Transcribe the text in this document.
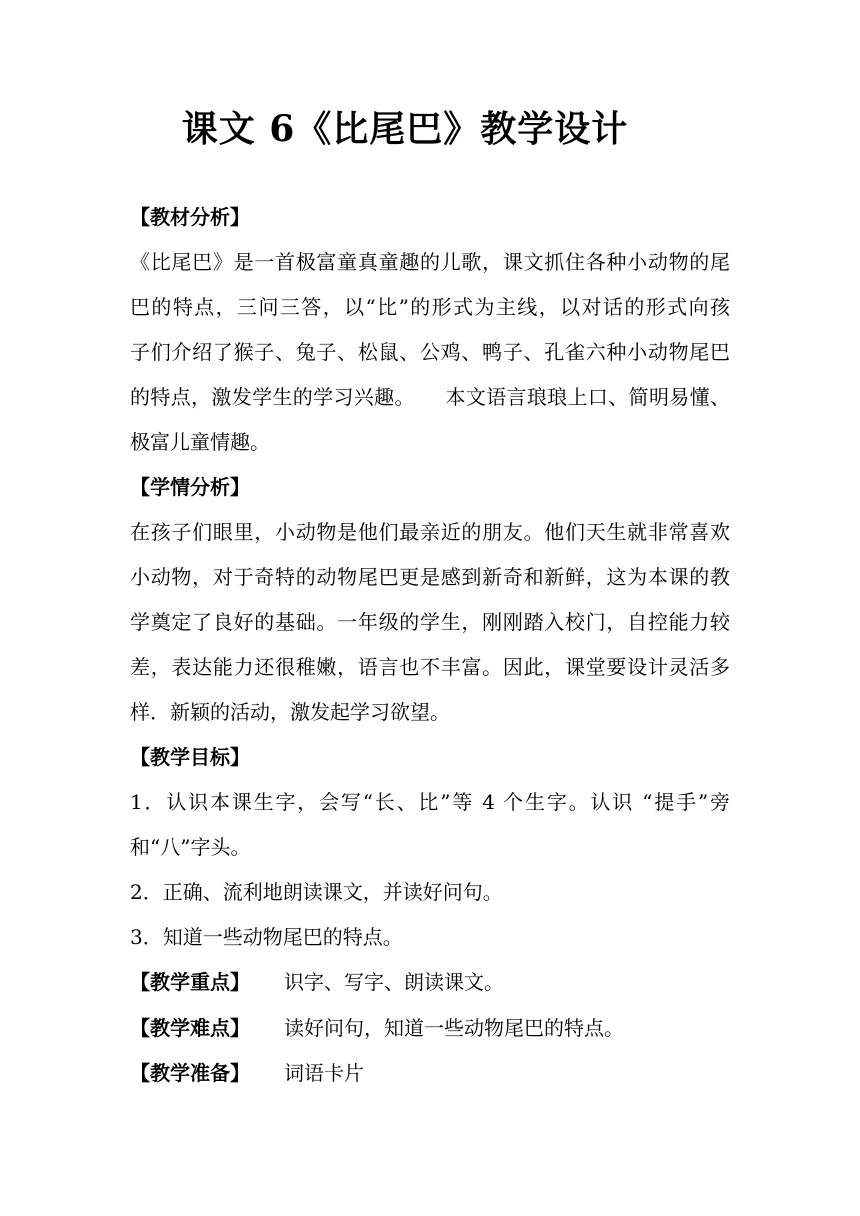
课文 6《比尾巴》教学设计
【教材分析】
《比尾巴》是一首极富童真童趣的儿歌，课文抓住各种小动物的尾
巴的特点，三问三答，以“比”的形式为主线，以对话的形式向孩
子们介绍了猴子、兔子、松鼠、公鸡、鸭子、孔雀六种小动物尾巴
的特点，激发学生的学习兴趣。　　本文语言琅琅上口、简明易懂、
极富儿童情趣。
【学情分析】
在孩子们眼里，小动物是他们最亲近的朋友。他们天生就非常喜欢
小动物，对于奇特的动物尾巴更是感到新奇和新鲜，这为本课的教
学奠定了良好的基础。一年级的学生，刚刚踏入校门，自控能力较
差，表达能力还很稚嫩，语言也不丰富。因此，课堂要设计灵活多
样．新颖的活动，激发起学习欲望。
【教学目标】
1．认识本课生字，会写“长、比”等 4 个生字。认识 “提手”旁
和“八”字头。
2．正确、流利地朗读课文，并读好问句。
3．知道一些动物尾巴的特点。
【教学重点】 识字、写字、朗读课文。
【教学难点】 读好问句，知道一些动物尾巴的特点。
【教学准备】 词语卡片
